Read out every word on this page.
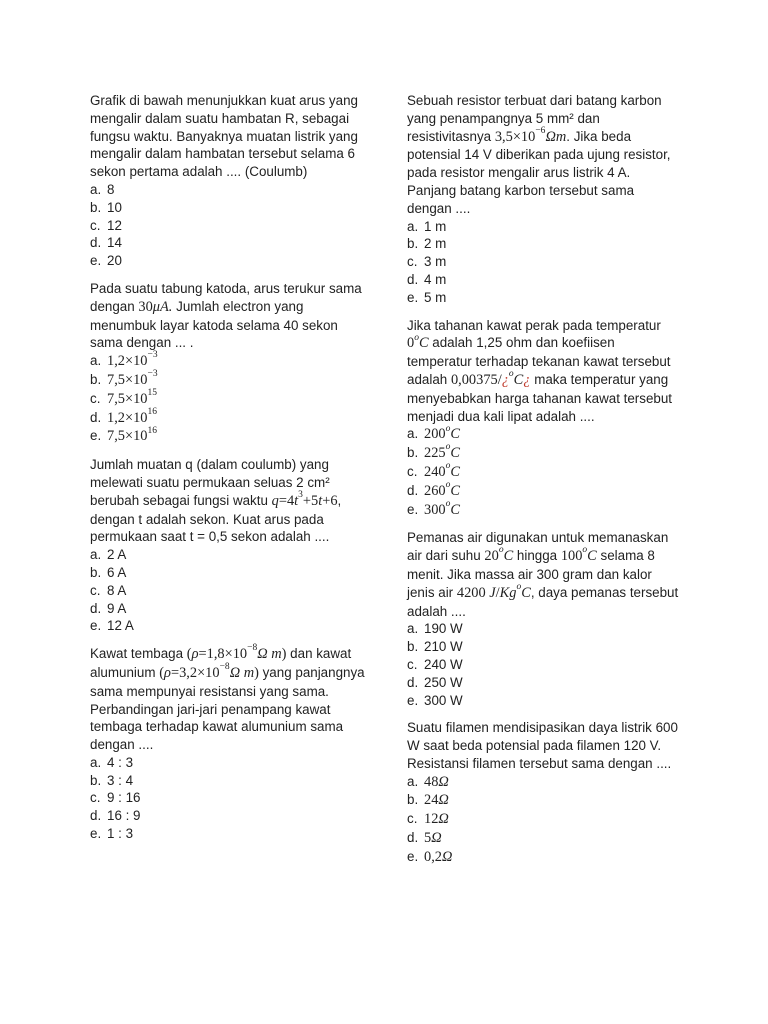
Grafik di bawah menunjukkan kuat arus yang mengalir dalam suatu hambatan R, sebagai fungsu waktu. Banyaknya muatan listrik yang mengalir dalam hambatan tersebut selama 6 sekon pertama adalah .... (Coulumb)

a. 8
b. 10
c. 12
d. 14
e. 20

Pada suatu tabung katoda, arus terukur sama dengan 30μA. Jumlah electron yang menumbuk layar katoda selama 40 sekon sama dengan ... .

a. $1,2\times 10^{-3}$
b. $7,5\times 10^{-3}$
c. $7,5\times 10^{15}$
d. $1,2\times 10^{16}$
e. $7,5\times 10^{16}$

Jumlah muatan q (dalam coulumb) yang melewati suatu permukaan seluas 2 cm² berubah sebagai fungsi waktu $q=4t^3+5t+6$, dengan t adalah sekon. Kuat arus pada permukaan saat t = 0,5 sekon adalah ....

a. 2 A
b. 6 A
c. 8 A
d. 9 A
e. 12 A

Kawat tembaga ($\rho=1,8\times 10^{-8}\Omega$ m) dan kawat alumunium ($\rho=3,2\times 10^{-8}\Omega$ m) yang panjangnya sama mempunyai resistansi yang sama. Perbandingan jari-jari penampang kawat tembaga terhadap kawat alumunium sama dengan ....

a. 4 : 3
b. 3 : 4
c. 9 : 16
d. 16 : 9
e. 1 : 3

Sebuah resistor terbuat dari batang karbon yang penampangnya 5 mm² dan resistivitasnya $3,5\times 10^{-6}\Omega m$. Jika beda potensial 14 V diberikan pada ujung resistor, pada resistor mengalir arus listrik 4 A. Panjang batang karbon tersebut sama dengan ....

a. 1 m
b. 2 m
c. 3 m
d. 4 m
e. 5 m

Jika tahanan kawat perak pada temperatur 0$^o$C adalah 1,25 ohm dan koefiisen temperatur terhadap tekanan kawat tersebut adalah 0,00375/¿$^o$C¿ maka temperatur yang menyebabkan harga tahanan kawat tersebut menjadi dua kali lipat adalah ....

a. 200$^o$C
b. 225$^o$C
c. 240$^o$C
d. 260$^o$C
e. 300$^o$C

Pemanas air digunakan untuk memanaskan air dari suhu 20$^o$C hingga 100$^o$C selama 8 menit. Jika massa air 300 gram dan kalor jenis air 4200 J/Kg$^o$C, daya pemanas tersebut adalah ....

a. 190 W
b. 210 W
c. 240 W
d. 250 W
e. 300 W

Suatu filamen mendisipasikan daya listrik 600 W saat beda potensial pada filamen 120 V. Resistansi filamen tersebut sama dengan ....

a. 48Ω
b. 24Ω
c. 12Ω
d. 5Ω
e. 0,2Ω
